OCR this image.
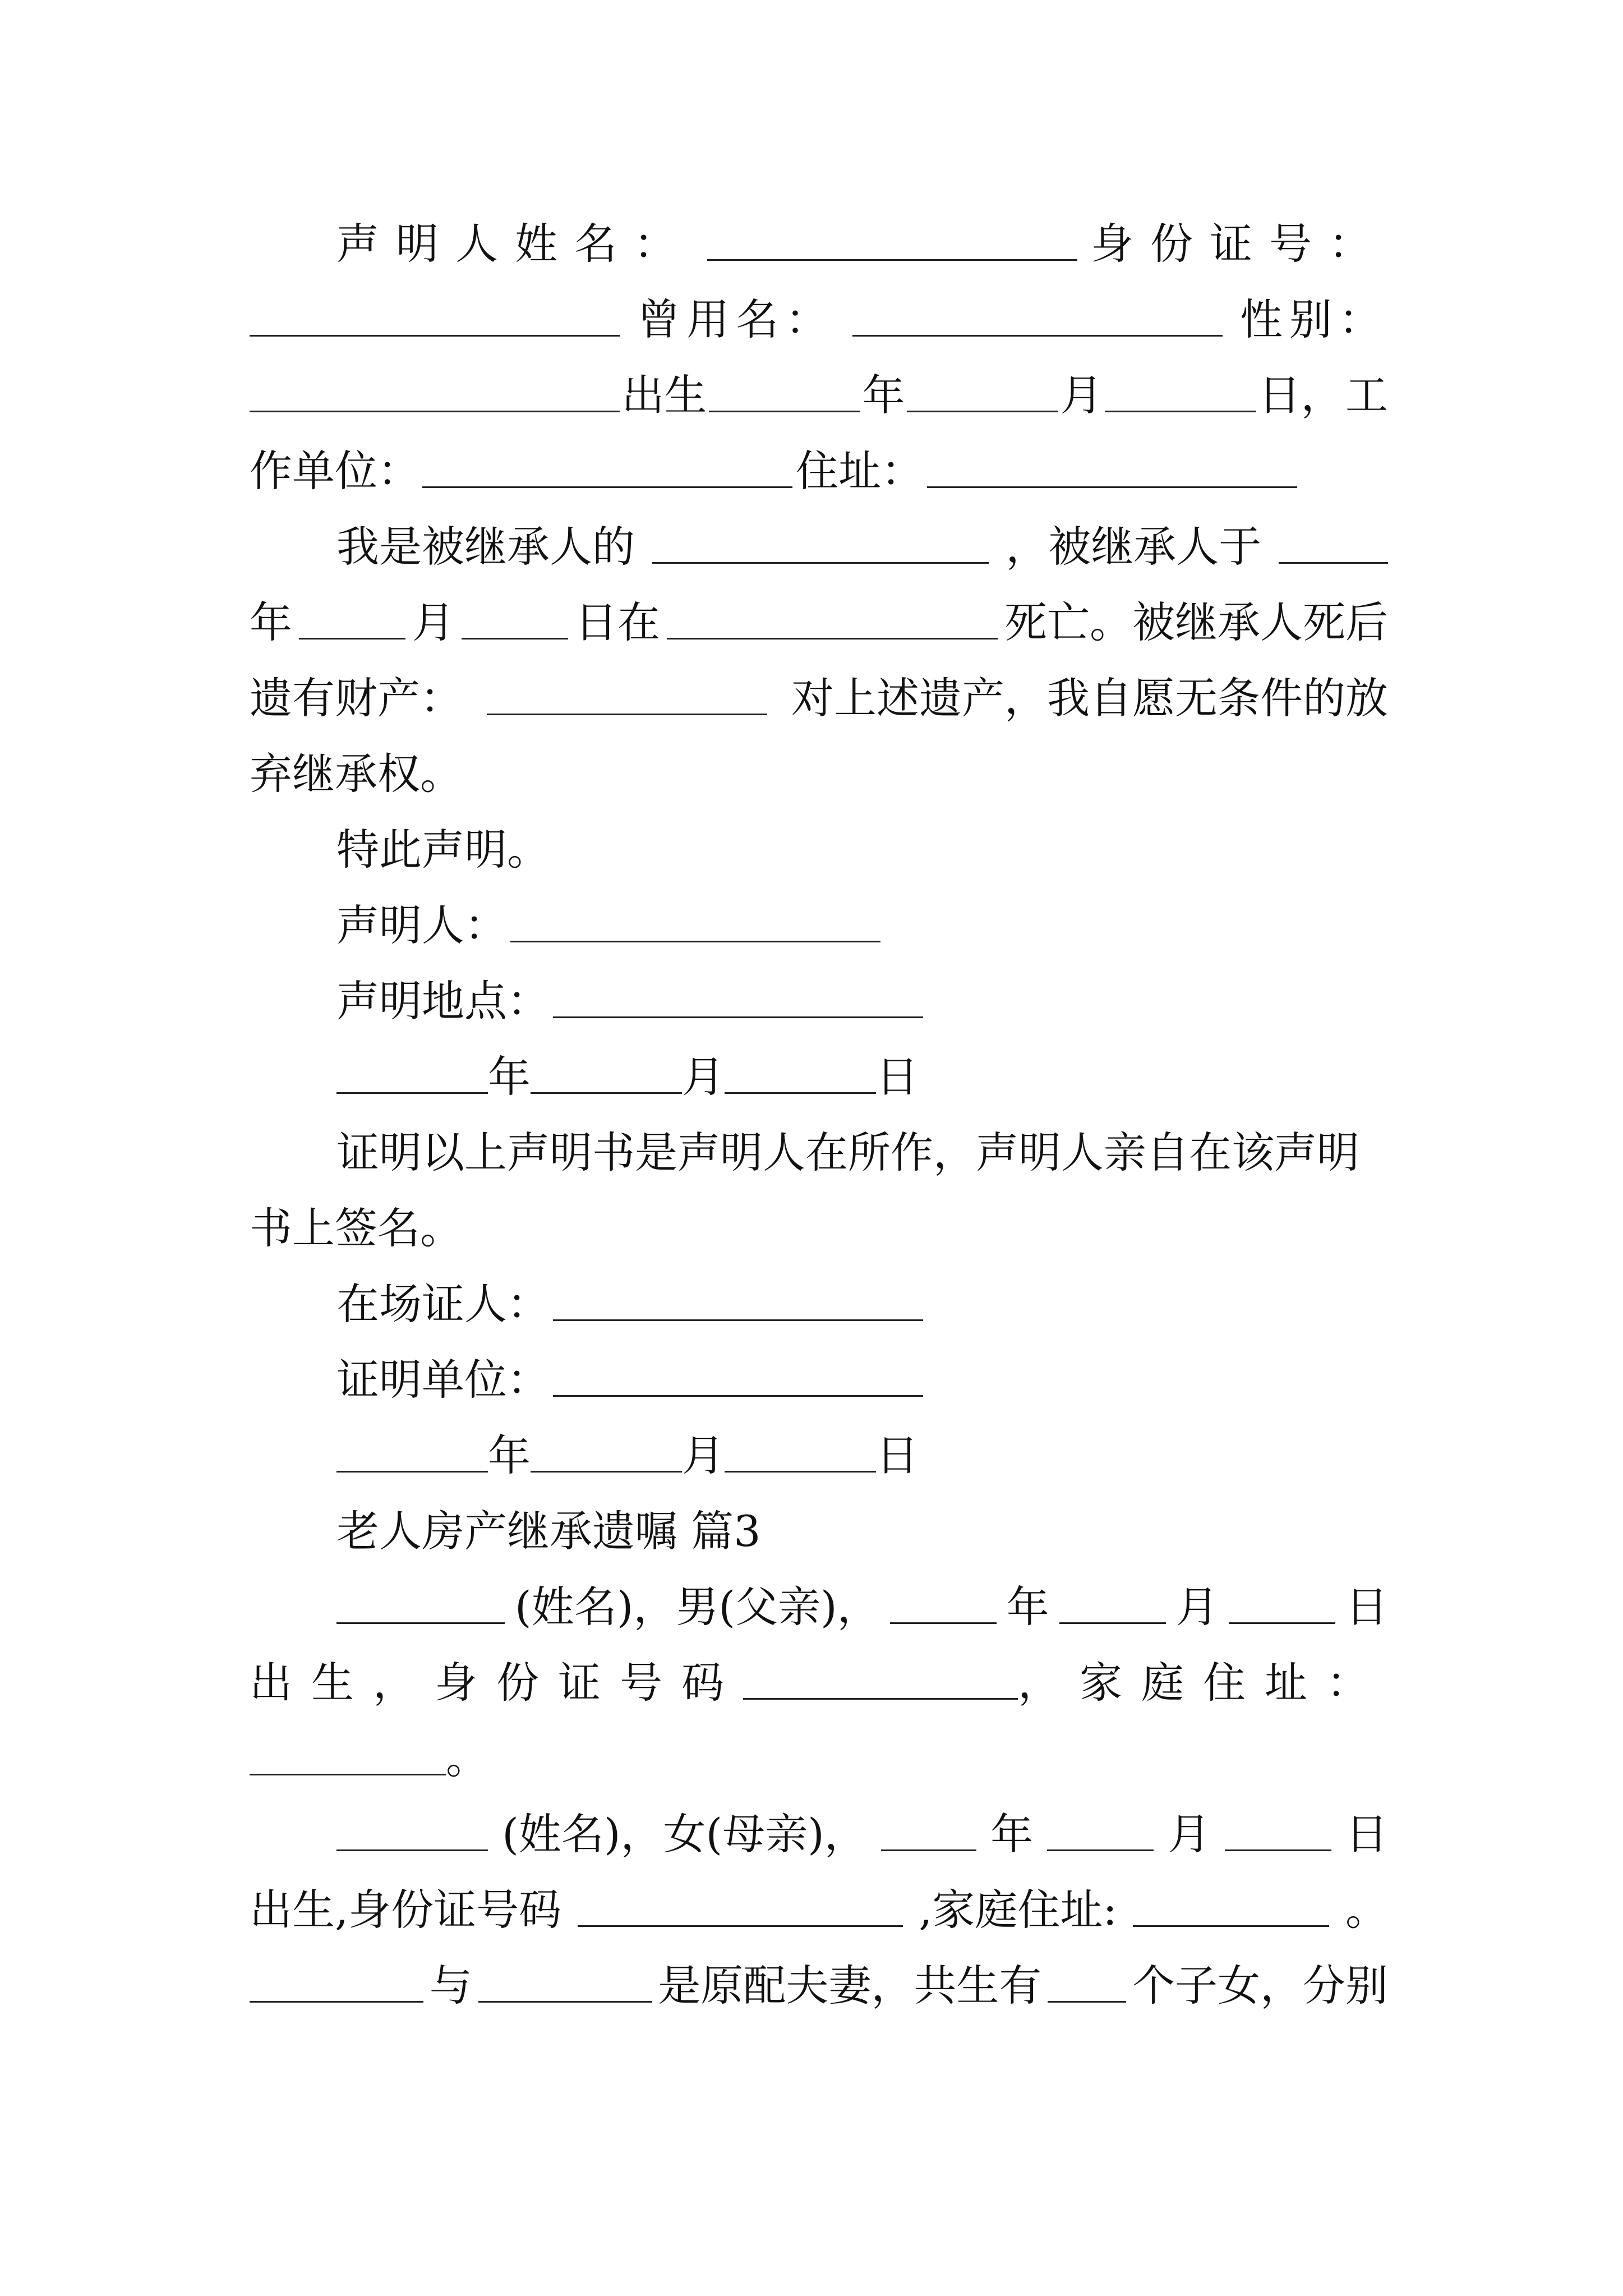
声明人姓名：	身份证号：
曾用名：	性别：
出生	年	月	日， 工
作单位：	住址：
我是被继承人的	，被继承人于
年	月	日在	死亡。被继承人死后
遗有财产：	对上述遗产，我自愿无条件的放
弃继承权。
特此声明。
声明人：
声明地点：
年	月	日
证明以上声明书是声明人在所作，声明人亲自在该声明
书上签名。
在场证人：
证明单位：
年	月	日
老人房产继承遗嘱 篇3
(姓名)，男(父亲)，	年	月	日
出生，身份证号码	，家庭住址：
。
(姓名)，女(母亲)，	年	月	日
出生,身份证号码	,家庭住址:	。
与	是原配夫妻，共生有 个子女，分别
